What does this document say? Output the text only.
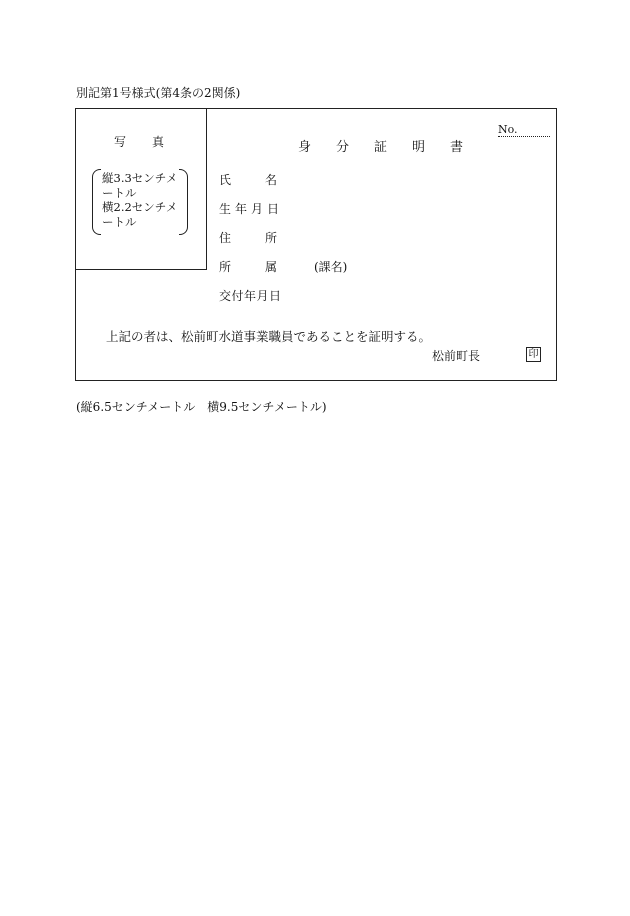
別記第1号様式(第4条の2関係)
写真
縦3.3センチメ
ートル
横2.2センチメ
ートル
身分証明書
No.
氏名
生年月日
住所
所属 (課名)
交付年月日
上記の者は、松前町水道事業職員であることを証明する。
松前町長	印
(縦6.5センチメートル　横9.5センチメートル)
